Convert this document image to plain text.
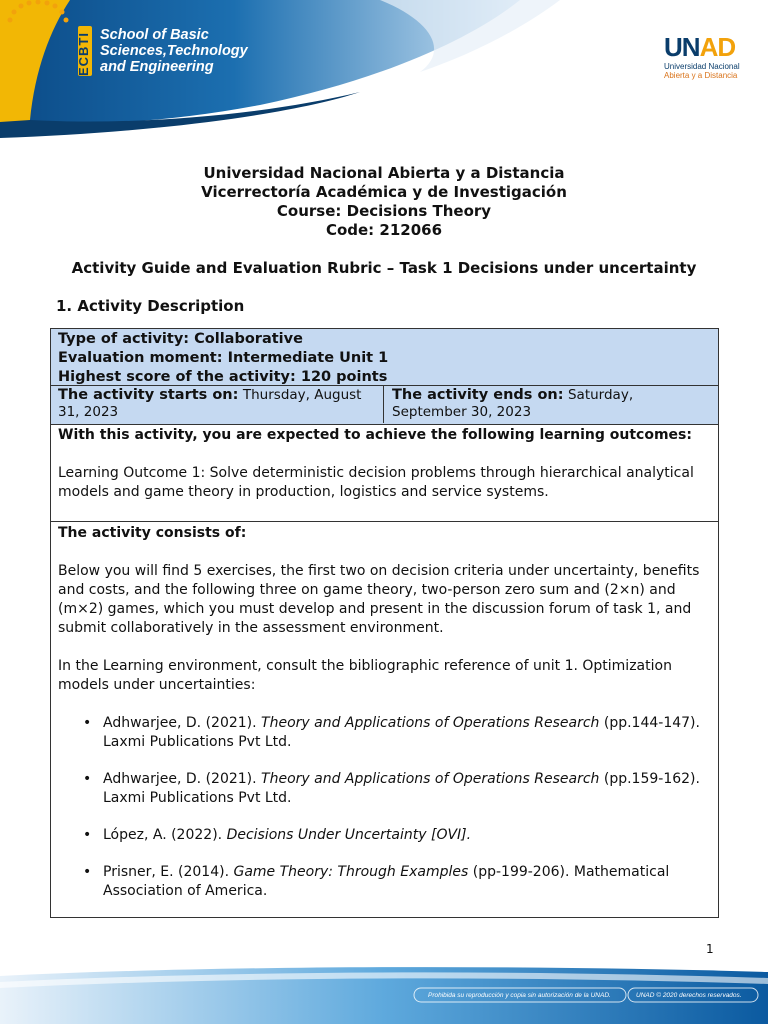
ECBTI School of Basic
Sciences,Technology
and Engineering
UNAD
Universidad Nacional
Abierta y a Distancia
Universidad Nacional Abierta y a Distancia
Vicerrectoría Académica y de Investigación
Course: Decisions Theory
Code: 212066
Activity Guide and Evaluation Rubric – Task 1 Decisions under uncertainty
1. Activity Description
Type of activity: Collaborative
Evaluation moment: Intermediate Unit 1
Highest score of the activity: 120 points
The activity starts on: Thursday, August 31, 2023
The activity ends on: Saturday, September 30, 2023

With this activity, you are expected to achieve the following learning outcomes:

Learning Outcome 1: Solve deterministic decision problems through hierarchical analytical models and game theory in production, logistics and service systems.

The activity consists of:

Below you will find 5 exercises, the first two on decision criteria under uncertainty, benefits and costs, and the following three on game theory, two-person zero sum and (2×n) and (m×2) games, which you must develop and present in the discussion forum of task 1, and submit collaboratively in the assessment environment.

In the Learning environment, consult the bibliographic reference of unit 1. Optimization models under uncertainties:

• Adhwarjee, D. (2021). Theory and Applications of Operations Research (pp.144-147). Laxmi Publications Pvt Ltd.
• Adhwarjee, D. (2021). Theory and Applications of Operations Research (pp.159-162). Laxmi Publications Pvt Ltd.
• López, A. (2022). Decisions Under Uncertainty [OVI].
• Prisner, E. (2014). Game Theory: Through Examples (pp-199-206). Mathematical Association of America.
1
Prohibida su reproducción y copia sin autorización de la UNAD.	UNAD © 2020 derechos reservados.
